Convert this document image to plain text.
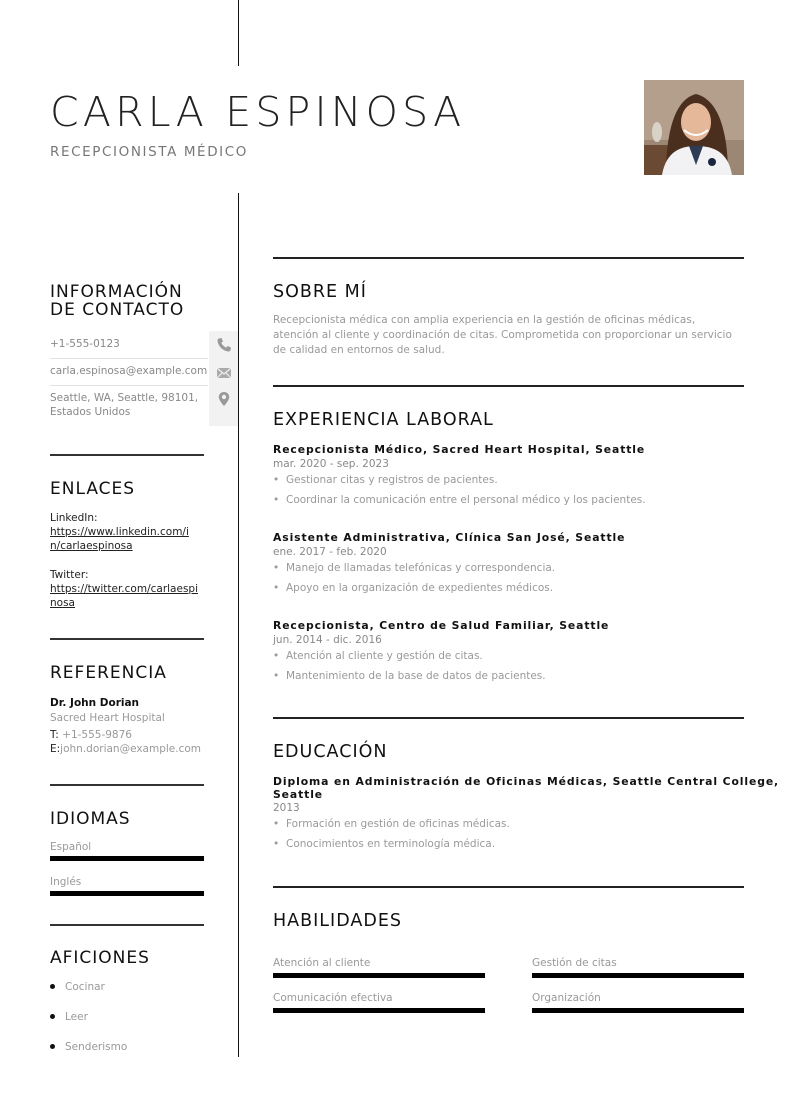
CARLA ESPINOSA
RECEPCIONISTA MÉDICO
INFORMACIÓN
DE CONTACTO
+1-555-0123
carla.espinosa@example.com
Seattle, WA, Seattle, 98101,
Estados Unidos
ENLACES
LinkedIn:
https://www.linkedin.com/i
n/carlaespinosa
Twitter:
https://twitter.com/carlaespi
nosa
REFERENCIA
Dr. John Dorian
Sacred Heart Hospital
T: +1-555-9876
E:john.dorian@example.com
IDIOMAS
Español
Inglés
AFICIONES
Cocinar
Leer
Senderismo
SOBRE MÍ
Recepcionista médica con amplia experiencia en la gestión de oficinas médicas, atención al cliente y coordinación de citas. Comprometida con proporcionar un servicio de calidad en entornos de salud.
EXPERIENCIA LABORAL
Recepcionista Médico, Sacred Heart Hospital, Seattle
mar. 2020 - sep. 2023
• Gestionar citas y registros de pacientes.
• Coordinar la comunicación entre el personal médico y los pacientes.
Asistente Administrativa, Clínica San José, Seattle
ene. 2017 - feb. 2020
• Manejo de llamadas telefónicas y correspondencia.
• Apoyo en la organización de expedientes médicos.
Recepcionista, Centro de Salud Familiar, Seattle
jun. 2014 - dic. 2016
• Atención al cliente y gestión de citas.
• Mantenimiento de la base de datos de pacientes.
EDUCACIÓN
Diploma en Administración de Oficinas Médicas, Seattle Central College,
Seattle
2013
• Formación en gestión de oficinas médicas.
• Conocimientos en terminología médica.
HABILIDADES
Atención al cliente	Gestión de citas
Comunicación efectiva	Organización
